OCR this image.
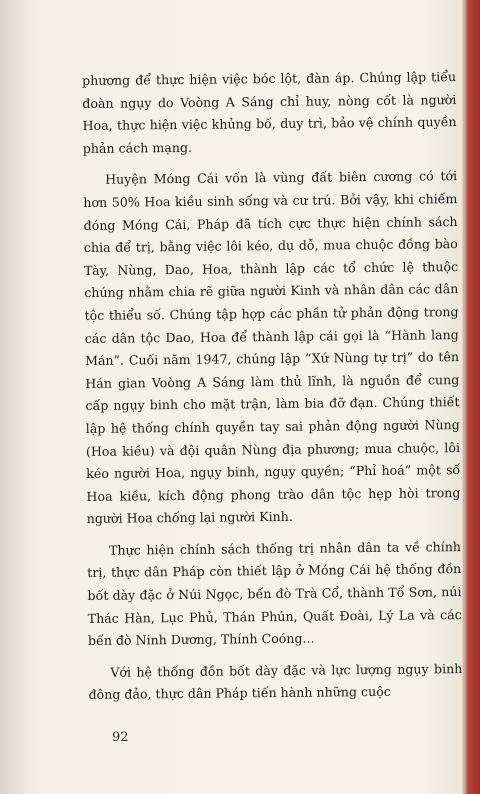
phương để thực hiện việc bóc lột, đàn áp. Chúng lập tiểu đoàn ngụy do Voòng A Sáng chỉ huy, nòng cốt là người Hoa, thực hiện việc khủng bố, duy trì, bảo vệ chính quyền phản cách mạng.

Huyện Móng Cái vốn là vùng đất biên cương có tới hơn 50% Hoa kiều sinh sống và cư trú. Bởi vậy, khi chiếm đóng Móng Cái, Pháp đã tích cực thực hiện chính sách chia để trị, bằng việc lôi kéo, dụ dỗ, mua chuộc đồng bào Tày, Nùng, Dao, Hoa, thành lập các tổ chức lệ thuộc chúng nhằm chia rẽ giữa người Kinh và nhân dân các dân tộc thiểu số. Chúng tập hợp các phần tử phản động trong các dân tộc Dao, Hoa để thành lập cái gọi là “Hành lang Mán”. Cuối năm 1947, chúng lập “Xứ Nùng tự trị” do tên Hán gian Voòng A Sáng làm thủ lĩnh, là nguồn để cung cấp ngụy binh cho mặt trận, làm bia đỡ đạn. Chúng thiết lập hệ thống chính quyền tay sai phản động người Nùng (Hoa kiều) và đội quân Nùng địa phương; mua chuộc, lôi kéo người Hoa, ngụy binh, ngụy quyền; “Phỉ hoá” một số Hoa kiều, kích động phong trào dân tộc hẹp hòi trong người Hoa chống lại người Kinh.

Thực hiện chính sách thống trị nhân dân ta về chính trị, thực dân Pháp còn thiết lập ở Móng Cái hệ thống đồn bốt dày đặc ở Núi Ngọc, bến đò Trà Cổ, thành Tổ Sơn, núi Thác Hàn, Lục Phủ, Thán Phún, Quất Đoài, Lý La và các bến đò Ninh Dương, Thính Coóng...

Với hệ thống đồn bốt dày đặc và lực lượng ngụy binh đông đảo, thực dân Pháp tiến hành những cuộc

92
